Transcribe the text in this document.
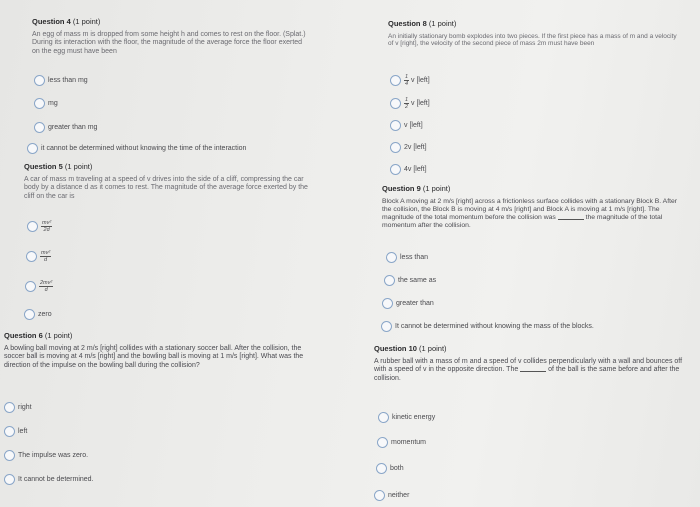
Question 4 (1 point)
An egg of mass m is dropped from some height h and comes to rest on the floor. (Splat.) During its interaction with the floor, the magnitude of the average force the floor exerted on the egg must have been
less than mg
mg
greater than mg
it cannot be determined without knowing the time of the interaction
Question 5 (1 point)
A car of mass m traveling at a speed of v drives into the side of a cliff, compressing the car body by a distance d as it comes to rest. The magnitude of the average force exerted by the cliff on the car is
$\frac{\text{mv²}}{2d}$
$\frac{\text{mv²}}{d}$
$\frac{\text{2mv²}}{d}$
zero
Question 6 (1 point)
A bowling ball moving at 2 m/s [right] collides with a stationary soccer ball. After the collision, the soccer ball is moving at 4 m/s [right] and the bowling ball is moving at 1 m/s [right]. What was the direction of the impulse on the bowling ball during the collision?
right
left
The impulse was zero.
It cannot be determined.
Question 8 (1 point)
An initially stationary bomb explodes into two pieces. If the first piece has a mass of m and a velocity of v [right], the velocity of the second piece of mass 2m must have been
$\frac{1}{4}$
v [left]
$\frac{1}{2}$
v [left]
v [left]
2v [left]
4v [left]
Question 9 (1 point)
Block A moving at 2 m/s [right] across a frictionless surface collides with a stationary Block B. After the collision, the Block B is moving at 4 m/s [right] and Block A is moving at 1 m/s [right]. The magnitude of the total momentum before the collision was	the magnitude of the total momentum after the collision.
less than
the same as
greater than
It cannot be determined without knowing the mass of the blocks.
Question 10 (1 point)
A rubber ball with a mass of m and a speed of v collides perpendicularly with a wall and bounces off with a speed of v in the opposite direction. The	of the ball is the same before and after the collision.
kinetic energy
momentum
both
neither
